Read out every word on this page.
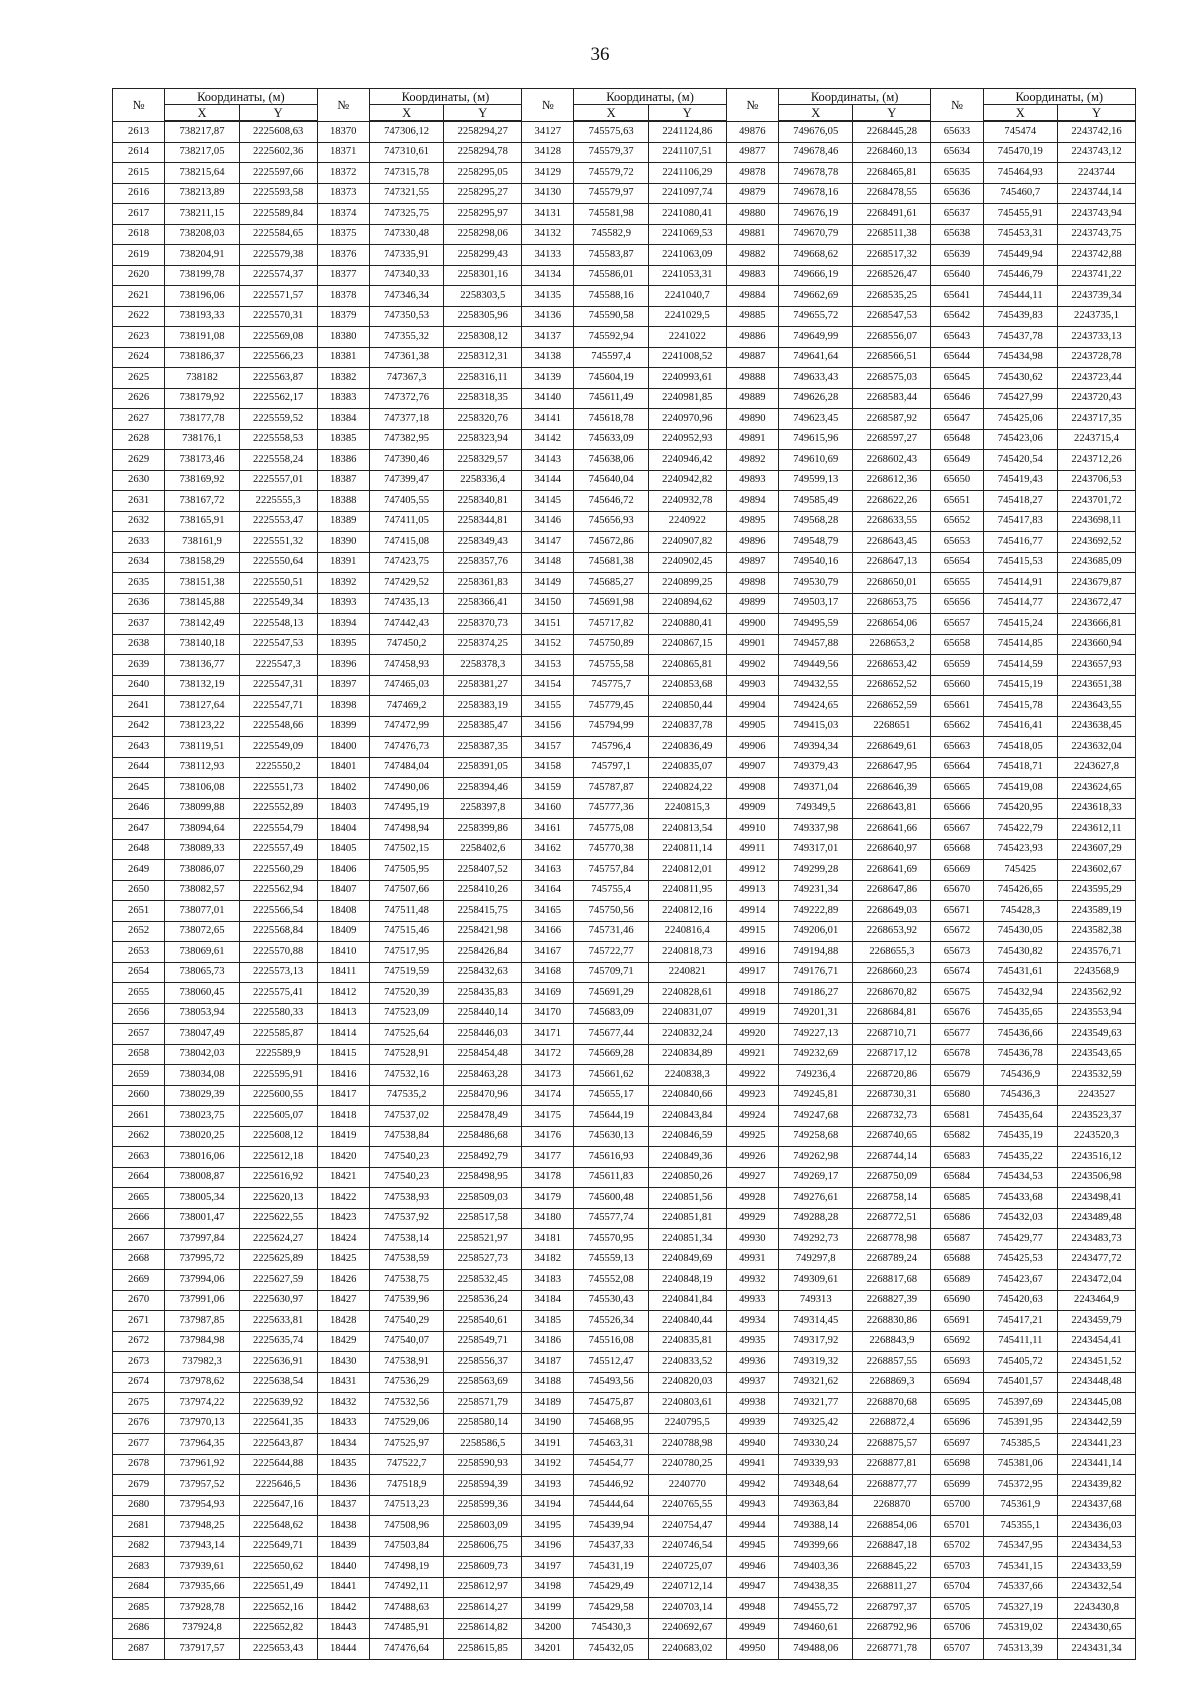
36
№	Координаты, (м)		№	Координаты, (м)		№	Координаты, (м)		№	Координаты, (м)		№	Координаты, (м)	
	X	Y		X	Y		X	Y		X	Y		X	Y
2613	738217,87	2225608,63	18370	747306,12	2258294,27	34127	745575,63	2241124,86	49876	749676,05	2268445,28	65633	745474	2243742,16
2614	738217,05	2225602,36	18371	747310,61	2258294,78	34128	745579,37	2241107,51	49877	749678,46	2268460,13	65634	745470,19	2243743,12
2615	738215,64	2225597,66	18372	747315,78	2258295,05	34129	745579,72	2241106,29	49878	749678,78	2268465,81	65635	745464,93	2243744
2616	738213,89	2225593,58	18373	747321,55	2258295,27	34130	745579,97	2241097,74	49879	749678,16	2268478,55	65636	745460,7	2243744,14
2617	738211,15	2225589,84	18374	747325,75	2258295,97	34131	745581,98	2241080,41	49880	749676,19	2268491,61	65637	745455,91	2243743,94
2618	738208,03	2225584,65	18375	747330,48	2258298,06	34132	745582,9	2241069,53	49881	749670,79	2268511,38	65638	745453,31	2243743,75
2619	738204,91	2225579,38	18376	747335,91	2258299,43	34133	745583,87	2241063,09	49882	749668,62	2268517,32	65639	745449,94	2243742,88
2620	738199,78	2225574,37	18377	747340,33	2258301,16	34134	745586,01	2241053,31	49883	749666,19	2268526,47	65640	745446,79	2243741,22
2621	738196,06	2225571,57	18378	747346,34	2258303,5	34135	745588,16	2241040,7	49884	749662,69	2268535,25	65641	745444,11	2243739,34
2622	738193,33	2225570,31	18379	747350,53	2258305,96	34136	745590,58	2241029,5	49885	749655,72	2268547,53	65642	745439,83	2243735,1
2623	738191,08	2225569,08	18380	747355,32	2258308,12	34137	745592,94	2241022	49886	749649,99	2268556,07	65643	745437,78	2243733,13
2624	738186,37	2225566,23	18381	747361,38	2258312,31	34138	745597,4	2241008,52	49887	749641,64	2268566,51	65644	745434,98	2243728,78
2625	738182	2225563,87	18382	747367,3	2258316,11	34139	745604,19	2240993,61	49888	749633,43	2268575,03	65645	745430,62	2243723,44
2626	738179,92	2225562,17	18383	747372,76	2258318,35	34140	745611,49	2240981,85	49889	749626,28	2268583,44	65646	745427,99	2243720,43
2627	738177,78	2225559,52	18384	747377,18	2258320,76	34141	745618,78	2240970,96	49890	749623,45	2268587,92	65647	745425,06	2243717,35
2628	738176,1	2225558,53	18385	747382,95	2258323,94	34142	745633,09	2240952,93	49891	749615,96	2268597,27	65648	745423,06	2243715,4
2629	738173,46	2225558,24	18386	747390,46	2258329,57	34143	745638,06	2240946,42	49892	749610,69	2268602,43	65649	745420,54	2243712,26
2630	738169,92	2225557,01	18387	747399,47	2258336,4	34144	745640,04	2240942,82	49893	749599,13	2268612,36	65650	745419,43	2243706,53
2631	738167,72	2225555,3	18388	747405,55	2258340,81	34145	745646,72	2240932,78	49894	749585,49	2268622,26	65651	745418,27	2243701,72
2632	738165,91	2225553,47	18389	747411,05	2258344,81	34146	745656,93	2240922	49895	749568,28	2268633,55	65652	745417,83	2243698,11
2633	738161,9	2225551,32	18390	747415,08	2258349,43	34147	745672,86	2240907,82	49896	749548,79	2268643,45	65653	745416,77	2243692,52
2634	738158,29	2225550,64	18391	747423,75	2258357,76	34148	745681,38	2240902,45	49897	749540,16	2268647,13	65654	745415,53	2243685,09
2635	738151,38	2225550,51	18392	747429,52	2258361,83	34149	745685,27	2240899,25	49898	749530,79	2268650,01	65655	745414,91	2243679,87
2636	738145,88	2225549,34	18393	747435,13	2258366,41	34150	745691,98	2240894,62	49899	749503,17	2268653,75	65656	745414,77	2243672,47
2637	738142,49	2225548,13	18394	747442,43	2258370,73	34151	745717,82	2240880,41	49900	749495,59	2268654,06	65657	745415,24	2243666,81
2638	738140,18	2225547,53	18395	747450,2	2258374,25	34152	745750,89	2240867,15	49901	749457,88	2268653,2	65658	745414,85	2243660,94
2639	738136,77	2225547,3	18396	747458,93	2258378,3	34153	745755,58	2240865,81	49902	749449,56	2268653,42	65659	745414,59	2243657,93
2640	738132,19	2225547,31	18397	747465,03	2258381,27	34154	745775,7	2240853,68	49903	749432,55	2268652,52	65660	745415,19	2243651,38
2641	738127,64	2225547,71	18398	747469,2	2258383,19	34155	745779,45	2240850,44	49904	749424,65	2268652,59	65661	745415,78	2243643,55
2642	738123,22	2225548,66	18399	747472,99	2258385,47	34156	745794,99	2240837,78	49905	749415,03	2268651	65662	745416,41	2243638,45
2643	738119,51	2225549,09	18400	747476,73	2258387,35	34157	745796,4	2240836,49	49906	749394,34	2268649,61	65663	745418,05	2243632,04
2644	738112,93	2225550,2	18401	747484,04	2258391,05	34158	745797,1	2240835,07	49907	749379,43	2268647,95	65664	745418,71	2243627,8
2645	738106,08	2225551,73	18402	747490,06	2258394,46	34159	745787,87	2240824,22	49908	749371,04	2268646,39	65665	745419,08	2243624,65
2646	738099,88	2225552,89	18403	747495,19	2258397,8	34160	745777,36	2240815,3	49909	749349,5	2268643,81	65666	745420,95	2243618,33
2647	738094,64	2225554,79	18404	747498,94	2258399,86	34161	745775,08	2240813,54	49910	749337,98	2268641,66	65667	745422,79	2243612,11
2648	738089,33	2225557,49	18405	747502,15	2258402,6	34162	745770,38	2240811,14	49911	749317,01	2268640,97	65668	745423,93	2243607,29
2649	738086,07	2225560,29	18406	747505,95	2258407,52	34163	745757,84	2240812,01	49912	749299,28	2268641,69	65669	745425	2243602,67
2650	738082,57	2225562,94	18407	747507,66	2258410,26	34164	745755,4	2240811,95	49913	749231,34	2268647,86	65670	745426,65	2243595,29
2651	738077,01	2225566,54	18408	747511,48	2258415,75	34165	745750,56	2240812,16	49914	749222,89	2268649,03	65671	745428,3	2243589,19
2652	738072,65	2225568,84	18409	747515,46	2258421,98	34166	745731,46	2240816,4	49915	749206,01	2268653,92	65672	745430,05	2243582,38
2653	738069,61	2225570,88	18410	747517,95	2258426,84	34167	745722,77	2240818,73	49916	749194,88	2268655,3	65673	745430,82	2243576,71
2654	738065,73	2225573,13	18411	747519,59	2258432,63	34168	745709,71	2240821	49917	749176,71	2268660,23	65674	745431,61	2243568,9
2655	738060,45	2225575,41	18412	747520,39	2258435,83	34169	745691,29	2240828,61	49918	749186,27	2268670,82	65675	745432,94	2243562,92
2656	738053,94	2225580,33	18413	747523,09	2258440,14	34170	745683,09	2240831,07	49919	749201,31	2268684,81	65676	745435,65	2243553,94
2657	738047,49	2225585,87	18414	747525,64	2258446,03	34171	745677,44	2240832,24	49920	749227,13	2268710,71	65677	745436,66	2243549,63
2658	738042,03	2225589,9	18415	747528,91	2258454,48	34172	745669,28	2240834,89	49921	749232,69	2268717,12	65678	745436,78	2243543,65
2659	738034,08	2225595,91	18416	747532,16	2258463,28	34173	745661,62	2240838,3	49922	749236,4	2268720,86	65679	745436,9	2243532,59
2660	738029,39	2225600,55	18417	747535,2	2258470,96	34174	745655,17	2240840,66	49923	749245,81	2268730,31	65680	745436,3	2243527
2661	738023,75	2225605,07	18418	747537,02	2258478,49	34175	745644,19	2240843,84	49924	749247,68	2268732,73	65681	745435,64	2243523,37
2662	738020,25	2225608,12	18419	747538,84	2258486,68	34176	745630,13	2240846,59	49925	749258,68	2268740,65	65682	745435,19	2243520,3
2663	738016,06	2225612,18	18420	747540,23	2258492,79	34177	745616,93	2240849,36	49926	749262,98	2268744,14	65683	745435,22	2243516,12
2664	738008,87	2225616,92	18421	747540,23	2258498,95	34178	745611,83	2240850,26	49927	749269,17	2268750,09	65684	745434,53	2243506,98
2665	738005,34	2225620,13	18422	747538,93	2258509,03	34179	745600,48	2240851,56	49928	749276,61	2268758,14	65685	745433,68	2243498,41
2666	738001,47	2225622,55	18423	747537,92	2258517,58	34180	745577,74	2240851,81	49929	749288,28	2268772,51	65686	745432,03	2243489,48
2667	737997,84	2225624,27	18424	747538,14	2258521,97	34181	745570,95	2240851,34	49930	749292,73	2268778,98	65687	745429,77	2243483,73
2668	737995,72	2225625,89	18425	747538,59	2258527,73	34182	745559,13	2240849,69	49931	749297,8	2268789,24	65688	745425,53	2243477,72
2669	737994,06	2225627,59	18426	747538,75	2258532,45	34183	745552,08	2240848,19	49932	749309,61	2268817,68	65689	745423,67	2243472,04
2670	737991,06	2225630,97	18427	747539,96	2258536,24	34184	745530,43	2240841,84	49933	749313	2268827,39	65690	745420,63	2243464,9
2671	737987,85	2225633,81	18428	747540,29	2258540,61	34185	745526,34	2240840,44	49934	749314,45	2268830,86	65691	745417,21	2243459,79
2672	737984,98	2225635,74	18429	747540,07	2258549,71	34186	745516,08	2240835,81	49935	749317,92	2268843,9	65692	745411,11	2243454,41
2673	737982,3	2225636,91	18430	747538,91	2258556,37	34187	745512,47	2240833,52	49936	749319,32	2268857,55	65693	745405,72	2243451,52
2674	737978,62	2225638,54	18431	747536,29	2258563,69	34188	745493,56	2240820,03	49937	749321,62	2268869,3	65694	745401,57	2243448,48
2675	737974,22	2225639,92	18432	747532,56	2258571,79	34189	745475,87	2240803,61	49938	749321,77	2268870,68	65695	745397,69	2243445,08
2676	737970,13	2225641,35	18433	747529,06	2258580,14	34190	745468,95	2240795,5	49939	749325,42	2268872,4	65696	745391,95	2243442,59
2677	737964,35	2225643,87	18434	747525,97	2258586,5	34191	745463,31	2240788,98	49940	749330,24	2268875,57	65697	745385,5	2243441,23
2678	737961,92	2225644,88	18435	747522,7	2258590,93	34192	745454,77	2240780,25	49941	749339,93	2268877,81	65698	745381,06	2243441,14
2679	737957,52	2225646,5	18436	747518,9	2258594,39	34193	745446,92	2240770	49942	749348,64	2268877,77	65699	745372,95	2243439,82
2680	737954,93	2225647,16	18437	747513,23	2258599,36	34194	745444,64	2240765,55	49943	749363,84	2268870	65700	745361,9	2243437,68
2681	737948,25	2225648,62	18438	747508,96	2258603,09	34195	745439,94	2240754,47	49944	749388,14	2268854,06	65701	745355,1	2243436,03
2682	737943,14	2225649,71	18439	747503,84	2258606,75	34196	745437,33	2240746,54	49945	749399,66	2268847,18	65702	745347,95	2243434,53
2683	737939,61	2225650,62	18440	747498,19	2258609,73	34197	745431,19	2240725,07	49946	749403,36	2268845,22	65703	745341,15	2243433,59
2684	737935,66	2225651,49	18441	747492,11	2258612,97	34198	745429,49	2240712,14	49947	749438,35	2268811,27	65704	745337,66	2243432,54
2685	737928,78	2225652,16	18442	747488,63	2258614,27	34199	745429,58	2240703,14	49948	749455,72	2268797,37	65705	745327,19	2243430,8
2686	737924,8	2225652,82	18443	747485,91	2258614,82	34200	745430,3	2240692,67	49949	749460,61	2268792,96	65706	745319,02	2243430,65
2687	737917,57	2225653,43	18444	747476,64	2258615,85	34201	745432,05	2240683,02	49950	749488,06	2268771,78	65707	745313,39	2243431,34
